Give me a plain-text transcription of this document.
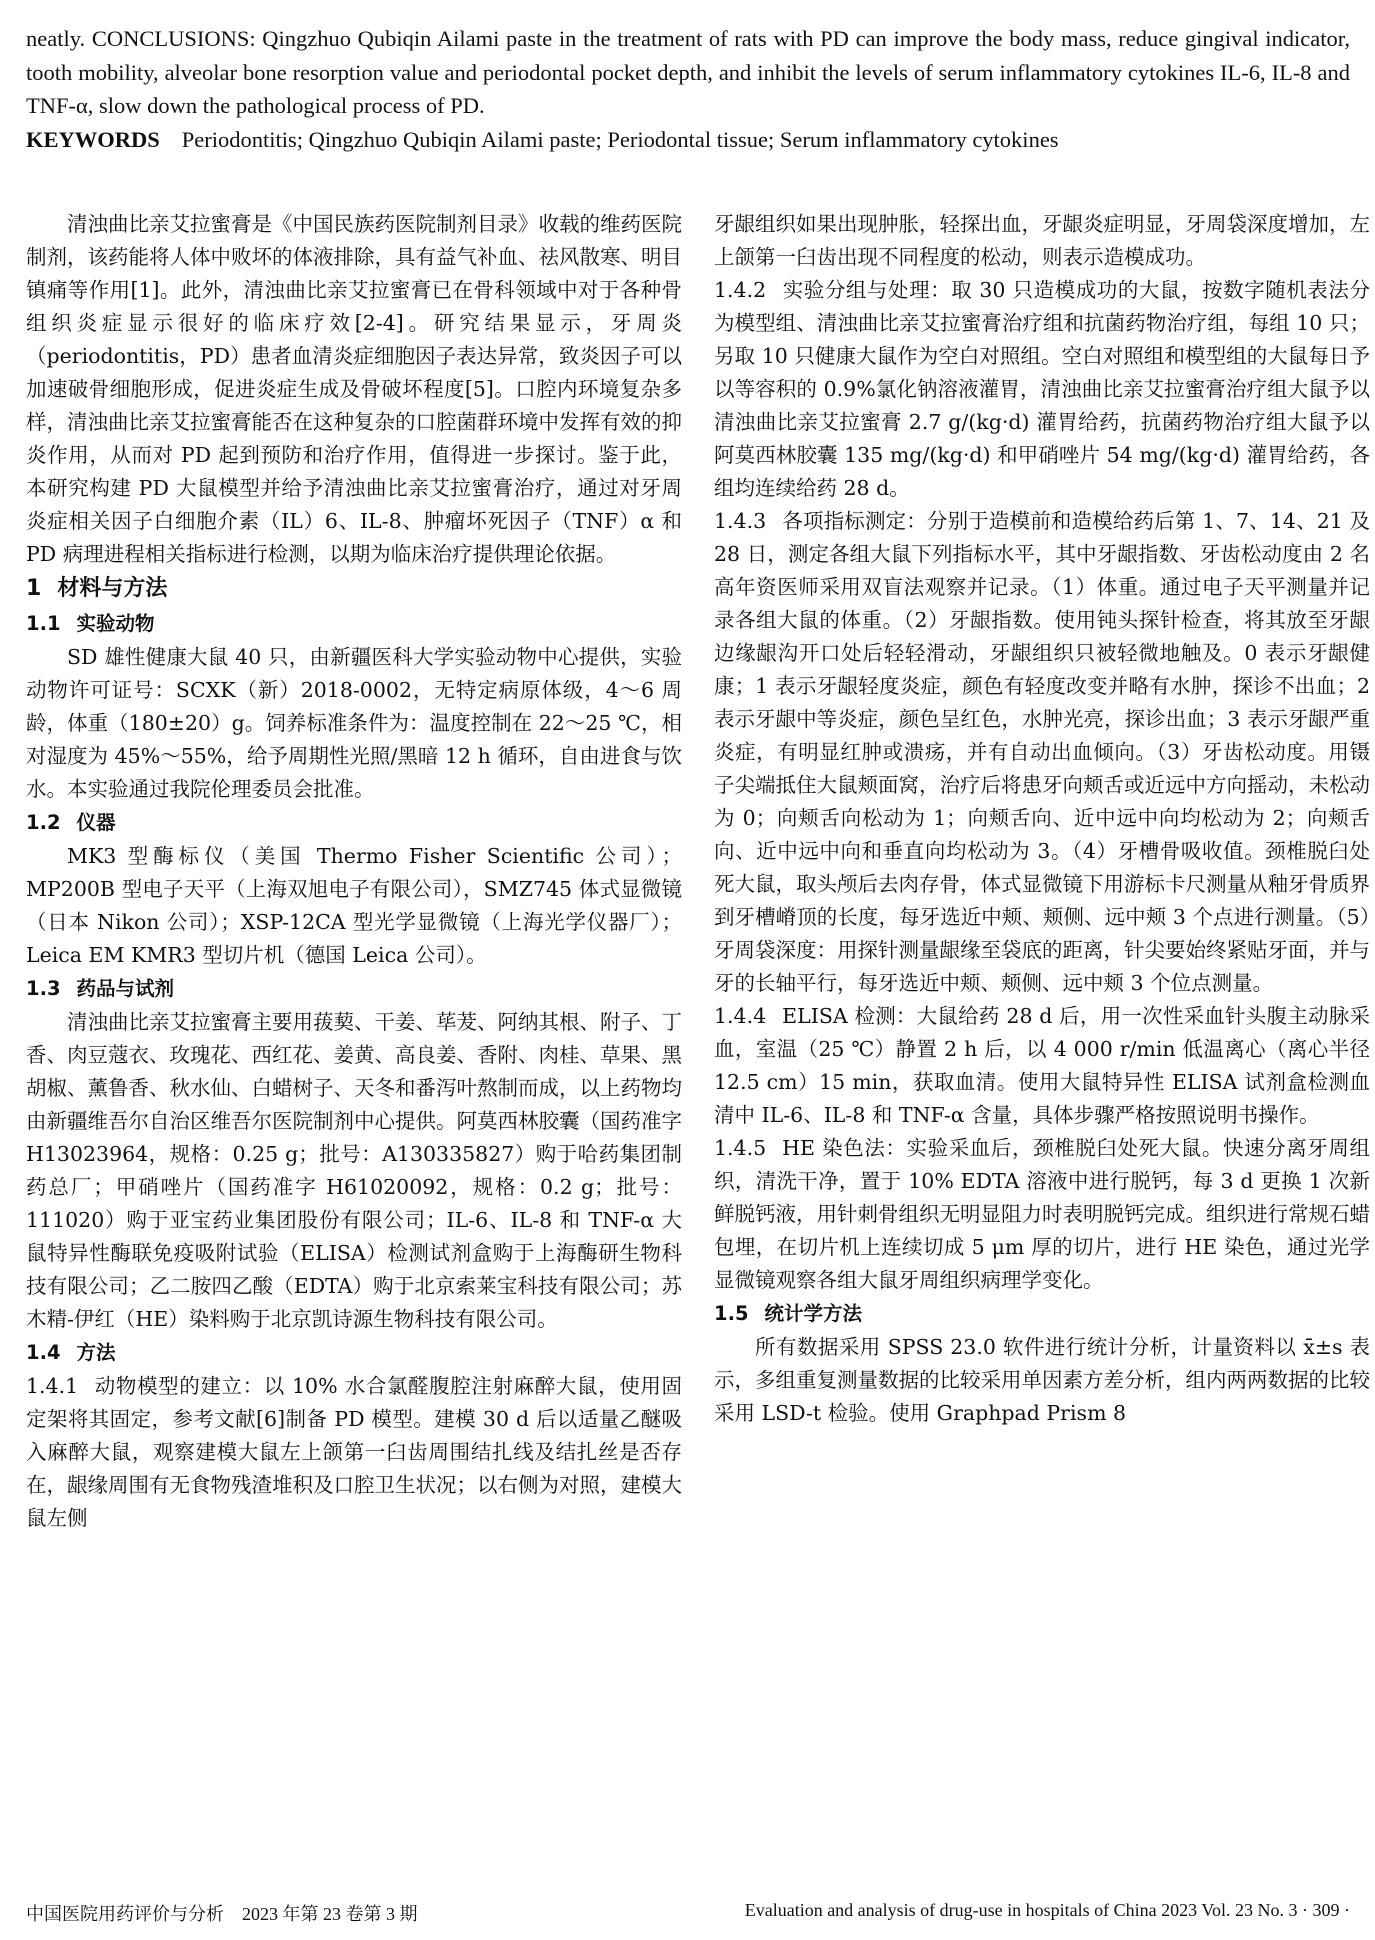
neatly. CONCLUSIONS: Qingzhuo Qubiqin Ailami paste in the treatment of rats with PD can improve the body mass, reduce gingival indicator, tooth mobility, alveolar bone resorption value and periodontal pocket depth, and inhibit the levels of serum inflammatory cytokines IL-6, IL-8 and TNF-α, slow down the pathological process of PD.
KEYWORDS Periodontitis; Qingzhuo Qubiqin Ailami paste; Periodontal tissue; Serum inflammatory cytokines

清浊曲比亲艾拉蜜膏是《中国民族药医院制剂目录》收载的维药医院制剂，该药能将人体中败坏的体液排除，具有益气补血、祛风散寒、明目镇痛等作用[1]。此外，清浊曲比亲艾拉蜜膏已在骨科领域中对于各种骨组织炎症显示很好的临床疗效[2-4]。研究结果显示，牙周炎（periodontitis，PD）患者血清炎症细胞因子表达异常，致炎因子可以加速破骨细胞形成，促进炎症生成及骨破坏程度[5]。口腔内环境复杂多样，清浊曲比亲艾拉蜜膏能否在这种复杂的口腔菌群环境中发挥有效的抑炎作用，从而对 PD 起到预防和治疗作用，值得进一步探讨。鉴于此，本研究构建 PD 大鼠模型并给予清浊曲比亲艾拉蜜膏治疗，通过对牙周炎症相关因子白细胞介素（IL）6、IL-8、肿瘤坏死因子（TNF）α 和 PD 病理进程相关指标进行检测，以期为临床治疗提供理论依据。

1 材料与方法

1.1 实验动物

SD 雄性健康大鼠 40 只，由新疆医科大学实验动物中心提供，实验动物许可证号：SCXK（新）2018-0002，无特定病原体级，4～6 周龄，体重（180±20）g。饲养标准条件为：温度控制在 22～25 ℃，相对湿度为 45%～55%，给予周期性光照/黑暗 12 h 循环，自由进食与饮水。本实验通过我院伦理委员会批准。

1.2 仪器

MK3 型酶标仪（美国 Thermo Fisher Scientific 公司）；MP200B 型电子天平（上海双旭电子有限公司），SMZ745 体式显微镜（日本 Nikon 公司）；XSP-12CA 型光学显微镜（上海光学仪器厂）；Leica EM KMR3 型切片机（德国 Leica 公司）。

1.3 药品与试剂

清浊曲比亲艾拉蜜膏主要用菝葜、干姜、荜茇、阿纳其根、附子、丁香、肉豆蔻衣、玫瑰花、西红花、姜黄、高良姜、香附、肉桂、草果、黑胡椒、薰鲁香、秋水仙、白蜡树子、天冬和番泻叶熬制而成，以上药物均由新疆维吾尔自治区维吾尔医院制剂中心提供。阿莫西林胶囊（国药准字 H13023964，规格：0.25 g；批号：A130335827）购于哈药集团制药总厂；甲硝唑片（国药准字 H61020092，规格：0.2 g；批号：111020）购于亚宝药业集团股份有限公司；IL-6、IL-8 和 TNF-α 大鼠特异性酶联免疫吸附试验（ELISA）检测试剂盒购于上海酶研生物科技有限公司；乙二胺四乙酸（EDTA）购于北京索莱宝科技有限公司；苏木精-伊红（HE）染料购于北京凯诗源生物科技有限公司。

1.4 方法

1.4.1 动物模型的建立：以 10% 水合氯醛腹腔注射麻醉大鼠，使用固定架将其固定，参考文献[6]制备 PD 模型。建模 30 d 后以适量乙醚吸入麻醉大鼠，观察建模大鼠左上颌第一臼齿周围结扎线及结扎丝是否存在，龈缘周围有无食物残渣堆积及口腔卫生状况；以右侧为对照，建模大鼠左侧

牙龈组织如果出现肿胀，轻探出血，牙龈炎症明显，牙周袋深度增加，左上颌第一臼齿出现不同程度的松动，则表示造模成功。

1.4.2 实验分组与处理：取 30 只造模成功的大鼠，按数字随机表法分为模型组、清浊曲比亲艾拉蜜膏治疗组和抗菌药物治疗组，每组 10 只；另取 10 只健康大鼠作为空白对照组。空白对照组和模型组的大鼠每日予以等容积的 0.9%氯化钠溶液灌胃，清浊曲比亲艾拉蜜膏治疗组大鼠予以清浊曲比亲艾拉蜜膏 2.7 g/(kg·d) 灌胃给药，抗菌药物治疗组大鼠予以阿莫西林胶囊 135 mg/(kg·d) 和甲硝唑片 54 mg/(kg·d) 灌胃给药，各组均连续给药 28 d。

1.4.3 各项指标测定：分别于造模前和造模给药后第 1、7、14、21 及 28 日，测定各组大鼠下列指标水平，其中牙龈指数、牙齿松动度由 2 名高年资医师采用双盲法观察并记录。（1）体重。通过电子天平测量并记录各组大鼠的体重。（2）牙龈指数。使用钝头探针检查，将其放至牙龈边缘龈沟开口处后轻轻滑动，牙龈组织只被轻微地触及。0 表示牙龈健康；1 表示牙龈轻度炎症，颜色有轻度改变并略有水肿，探诊不出血；2 表示牙龈中等炎症，颜色呈红色，水肿光亮，探诊出血；3 表示牙龈严重炎症，有明显红肿或溃疡，并有自动出血倾向。（3）牙齿松动度。用镊子尖端抵住大鼠颊面窝，治疗后将患牙向颊舌或近远中方向摇动，未松动为 0；向颊舌向松动为 1；向颊舌向、近中远中向均松动为 2；向颊舌向、近中远中向和垂直向均松动为 3。（4）牙槽骨吸收值。颈椎脱臼处死大鼠，取头颅后去肉存骨，体式显微镜下用游标卡尺测量从釉牙骨质界到牙槽嵴顶的长度，每牙选近中颊、颊侧、远中颊 3 个点进行测量。（5）牙周袋深度：用探针测量龈缘至袋底的距离，针尖要始终紧贴牙面，并与牙的长轴平行，每牙选近中颊、颊侧、远中颊 3 个位点测量。

1.4.4 ELISA 检测：大鼠给药 28 d 后，用一次性采血针头腹主动脉采血，室温（25 ℃）静置 2 h 后，以 4 000 r/min 低温离心（离心半径 12.5 cm）15 min，获取血清。使用大鼠特异性 ELISA 试剂盒检测血清中 IL-6、IL-8 和 TNF-α 含量，具体步骤严格按照说明书操作。

1.4.5 HE 染色法：实验采血后，颈椎脱臼处死大鼠。快速分离牙周组织，清洗干净，置于 10% EDTA 溶液中进行脱钙，每 3 d 更换 1 次新鲜脱钙液，用针刺骨组织无明显阻力时表明脱钙完成。组织进行常规石蜡包埋，在切片机上连续切成 5 μm 厚的切片，进行 HE 染色，通过光学显微镜观察各组大鼠牙周组织病理学变化。

1.5 统计学方法

所有数据采用 SPSS 23.0 软件进行统计分析，计量资料以 x̄±s 表示，多组重复测量数据的比较采用单因素方差分析，组内两两数据的比较采用 LSD-t 检验。使用 Graphpad Prism 8

中国医院用药评价与分析　2023 年第 23 卷第 3 期	Evaluation and analysis of drug-use in hospitals of China 2023 Vol. 23 No. 3 · 309 ·
